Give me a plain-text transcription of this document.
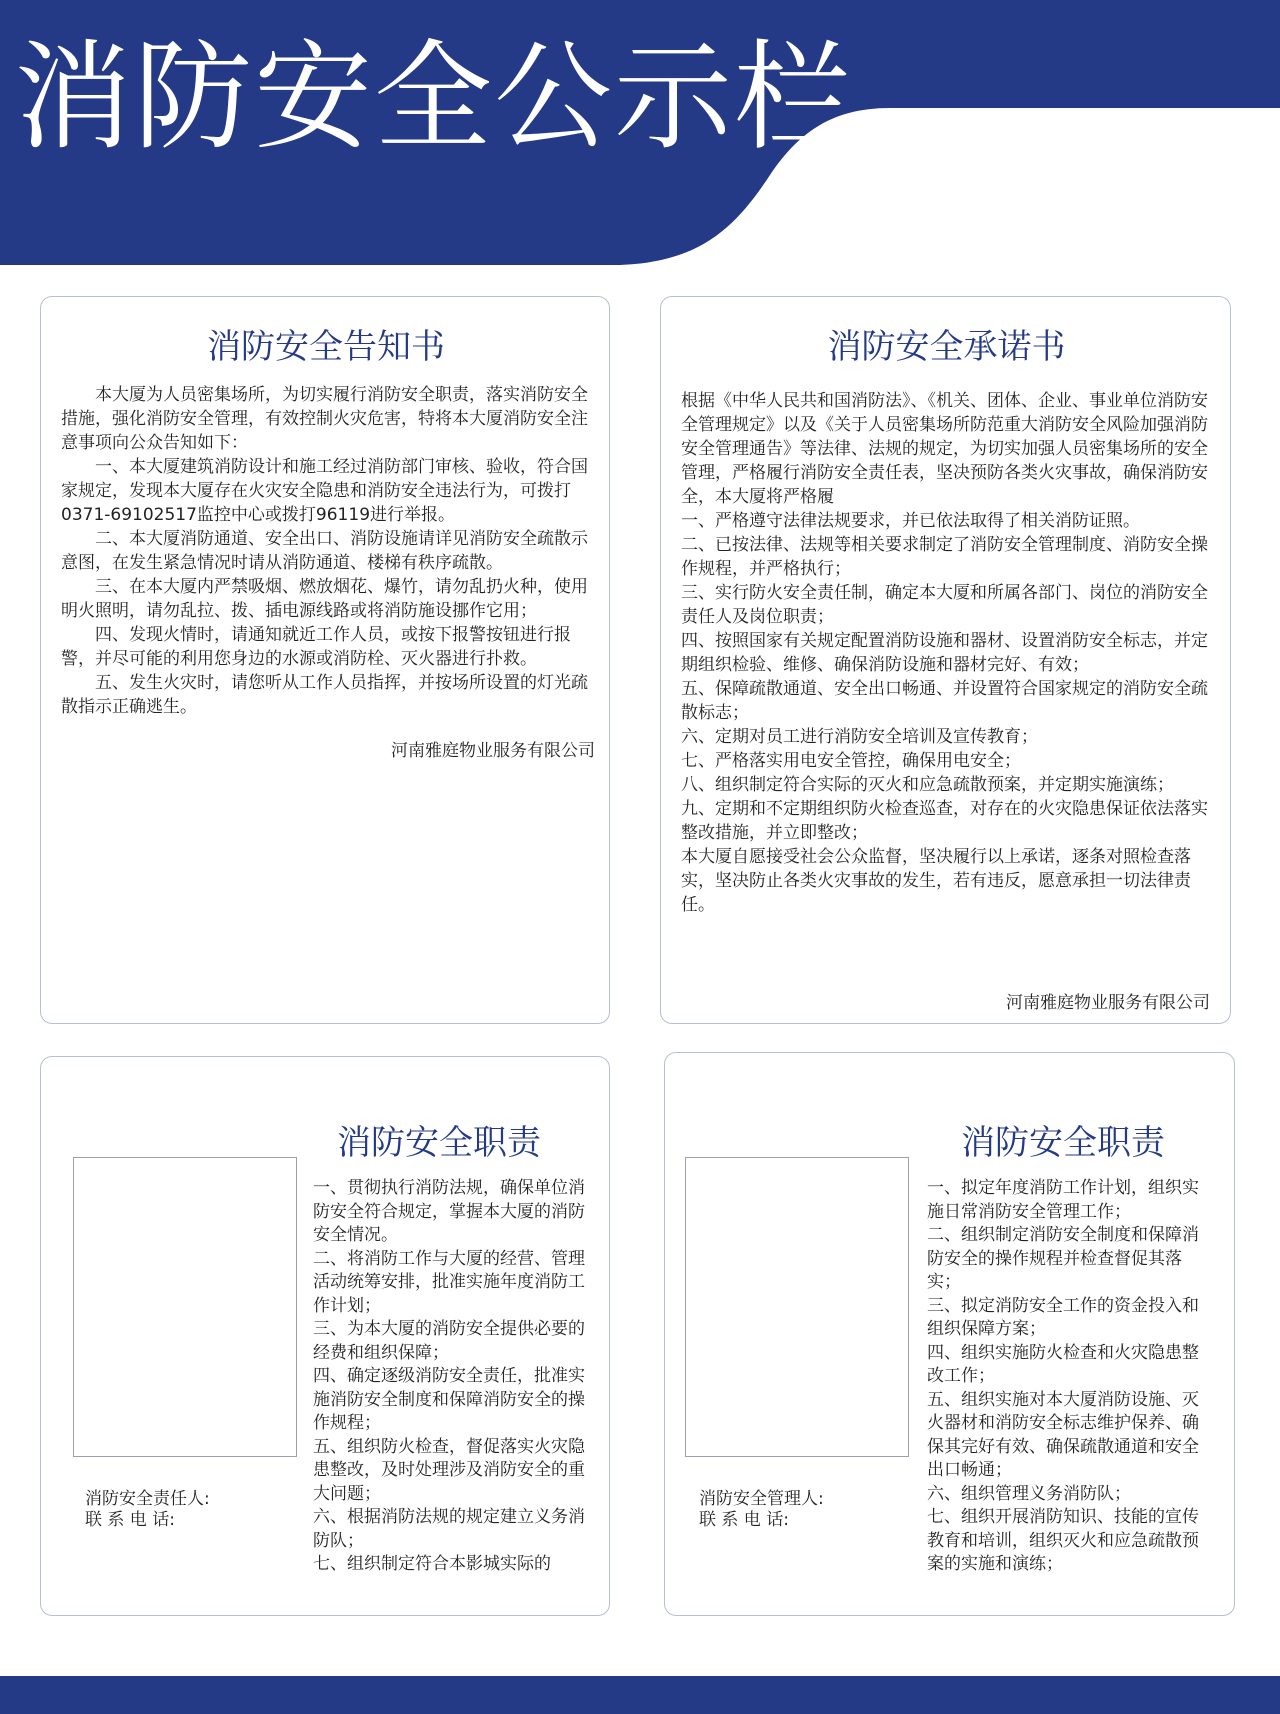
消防安全公示栏
消防安全告知书

本大厦为人员密集场所，为切实履行消防安全职责，落实消防安全措施，强化消防安全管理，有效控制火灾危害，特将本大厦消防安全注意事项向公众告知如下：

一、本大厦建筑消防设计和施工经过消防部门审核、验收，符合国家规定，发现本大厦存在火灾安全隐患和消防安全违法行为，可拨打0371-69102517监控中心或拨打96119进行举报。

二、本大厦消防通道、安全出口、消防设施请详见消防安全疏散示意图，在发生紧急情况时请从消防通道、楼梯有秩序疏散。

三、在本大厦内严禁吸烟、燃放烟花、爆竹，请勿乱扔火种，使用明火照明，请勿乱拉、拨、插电源线路或将消防施设挪作它用；

四、发现火情时，请通知就近工作人员，或按下报警按钮进行报警，并尽可能的利用您身边的水源或消防栓、灭火器进行扑救。

五、发生火灾时，请您听从工作人员指挥，并按场所设置的灯光疏散指示正确逃生。

河南雅庭物业服务有限公司

消防安全承诺书

根据《中华人民共和国消防法》、《机关、团体、企业、事业单位消防安全管理规定》以及《关于人员密集场所防范重大消防安全风险加强消防安全管理通告》等法律、法规的规定，为切实加强人员密集场所的安全管理，严格履行消防安全责任表，坚决预防各类火灾事故，确保消防安全，本大厦将严格履

一、严格遵守法律法规要求，并已依法取得了相关消防证照。

二、已按法律、法规等相关要求制定了消防安全管理制度、消防安全操作规程，并严格执行；

三、实行防火安全责任制，确定本大厦和所属各部门、岗位的消防安全责任人及岗位职责；

四、按照国家有关规定配置消防设施和器材、设置消防安全标志，并定期组织检验、维修、确保消防设施和器材完好、有效；

五、保障疏散通道、安全出口畅通、并设置符合国家规定的消防安全疏散标志；

六、定期对员工进行消防安全培训及宣传教育；

七、严格落实用电安全管控，确保用电安全；

八、组织制定符合实际的灭火和应急疏散预案，并定期实施演练；

九、定期和不定期组织防火检查巡查，对存在的火灾隐患保证依法落实整改措施，并立即整改；

本大厦自愿接受社会公众监督，坚决履行以上承诺，逐条对照检查落实，坚决防止各类火灾事故的发生，若有违反，愿意承担一切法律责任。

河南雅庭物业服务有限公司

消防安全职责
消防安全责任人:
联 系 电 话:

一、贯彻执行消防法规，确保单位消防安全符合规定，掌握本大厦的消防安全情况。

二、将消防工作与大厦的经营、管理活动统筹安排，批准实施年度消防工作计划；

三、为本大厦的消防安全提供必要的经费和组织保障；

四、确定逐级消防安全责任，批准实施消防安全制度和保障消防安全的操作规程；

五、组织防火检查，督促落实火灾隐患整改，及时处理涉及消防安全的重大问题；

六、根据消防法规的规定建立义务消防队；

七、组织制定符合本影城实际的

消防安全职责
消防安全管理人:
联 系 电 话:

一、拟定年度消防工作计划，组织实施日常消防安全管理工作；

二、组织制定消防安全制度和保障消防安全的操作规程并检查督促其落实；

三、拟定消防安全工作的资金投入和组织保障方案；

四、组织实施防火检查和火灾隐患整改工作；

五、组织实施对本大厦消防设施、灭火器材和消防安全标志维护保养、确保其完好有效、确保疏散通道和安全出口畅通；

六、组织管理义务消防队；

七、组织开展消防知识、技能的宣传教育和培训，组织灭火和应急疏散预案的实施和演练；
